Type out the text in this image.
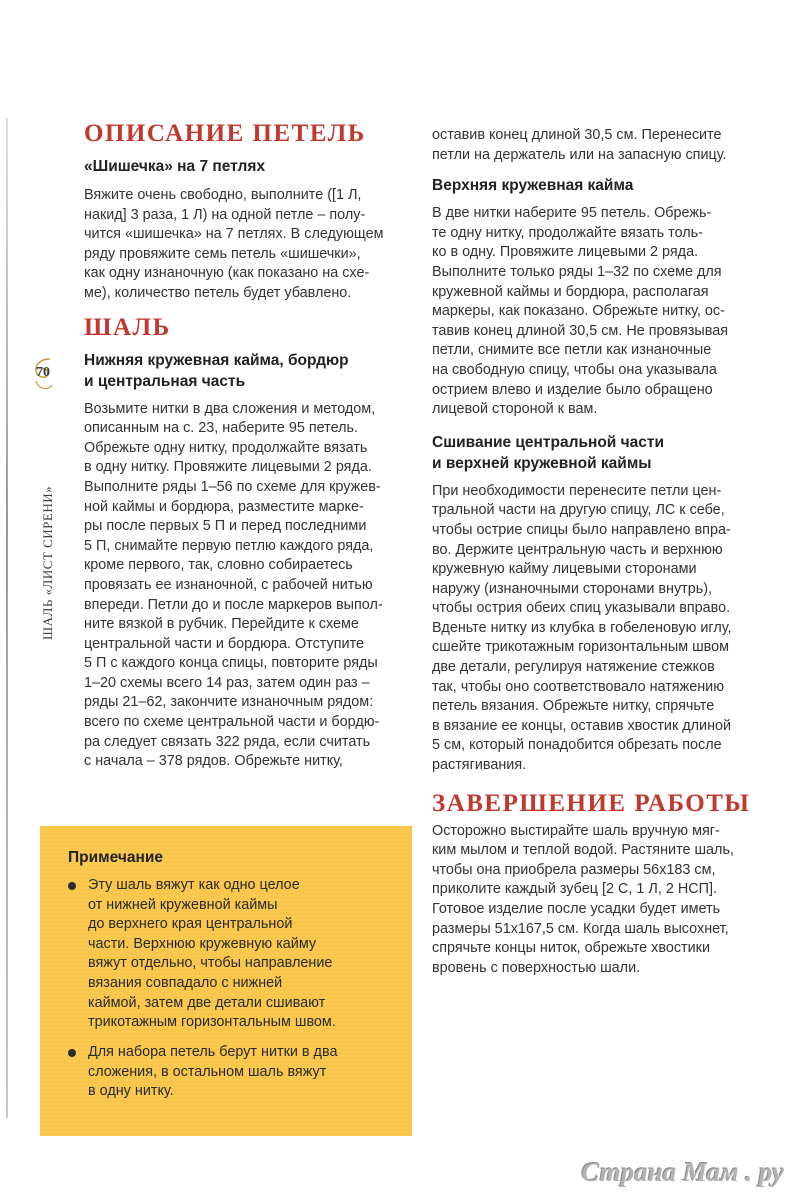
70
ШАЛЬ «ЛИСТ СИРЕНИ»
ОПИСАНИЕ ПЕТЕЛЬ
«Шишечка» на 7 петлях
Вяжите очень свободно, выполните ([1 Л,
накид] 3 раза, 1 Л) на одной петле – полу-
чится «шишечка» на 7 петлях. В следующем
ряду провяжите семь петель «шишечки»,
как одну изнаночную (как показано на схе-
ме), количество петель будет убавлено.
ШАЛЬ
Нижняя кружевная кайма, бордюр
и центральная часть
Возьмите нитки в два сложения и методом,
описанным на с. 23, наберите 95 петель.
Обрежьте одну нитку, продолжайте вязать
в одну нитку. Провяжите лицевыми 2 ряда.
Выполните ряды 1–56 по схеме для кружев-
ной каймы и бордюра, разместите марке-
ры после первых 5 П и перед последними
5 П, снимайте первую петлю каждого ряда,
кроме первого, так, словно собираетесь
провязать ее изнаночной, с рабочей нитью
впереди. Петли до и после маркеров выпол-
ните вязкой в рубчик. Перейдите к схеме
центральной части и бордюра. Отступите
5 П с каждого конца спицы, повторите ряды
1–20 схемы всего 14 раз, затем один раз –
ряды 21–62, закончите изнаночным рядом:
всего по схеме центральной части и бордю-
ра следует связать 322 ряда, если считать
с начала – 378 рядов. Обрежьте нитку,
Примечание
Эту шаль вяжут как одно целое
от нижней кружевной каймы
до верхнего края центральной
части. Верхнюю кружевную кайму
вяжут отдельно, чтобы направление
вязания совпадало с нижней
каймой, затем две детали сшивают
трикотажным горизонтальным швом.
Для набора петель берут нитки в два
сложения, в остальном шаль вяжут
в одну нитку.
оставив конец длиной 30,5 см. Перенесите
петли на держатель или на запасную спицу.
Верхняя кружевная кайма
В две нитки наберите 95 петель. Обрежь-
те одну нитку, продолжайте вязать толь-
ко в одну. Провяжите лицевыми 2 ряда.
Выполните только ряды 1–32 по схеме для
кружевной каймы и бордюра, располагая
маркеры, как показано. Обрежьте нитку, ос-
тавив конец длиной 30,5 см. Не провязывая
петли, снимите все петли как изнаночные
на свободную спицу, чтобы она указывала
острием влево и изделие было обращено
лицевой стороной к вам.
Сшивание центральной части
и верхней кружевной каймы
При необходимости перенесите петли цен-
тральной части на другую спицу, ЛС к себе,
чтобы острие спицы было направлено впра-
во. Держите центральную часть и верхнюю
кружевную кайму лицевыми сторонами
наружу (изнаночными сторонами внутрь),
чтобы острия обеих спиц указывали вправо.
Вденьте нитку из клубка в гобеленовую иглу,
сшейте трикотажным горизонтальным швом
две детали, регулируя натяжение стежков
так, чтобы оно соответствовало натяжению
петель вязания. Обрежьте нитку, спрячьте
в вязание ее концы, оставив хвостик длиной
5 см, который понадобится обрезать после
растягивания.
ЗАВЕРШЕНИЕ РАБОТЫ
Осторожно выстирайте шаль вручную мяг-
ким мылом и теплой водой. Растяните шаль,
чтобы она приобрела размеры 56х183 см,
приколите каждый зубец [2 С, 1 Л, 2 НСП].
Готовое изделие после усадки будет иметь
размеры 51х167,5 см. Когда шаль высохнет,
спрячьте концы ниток, обрежьте хвостики
вровень с поверхностью шали.
Страна Мам . ру
